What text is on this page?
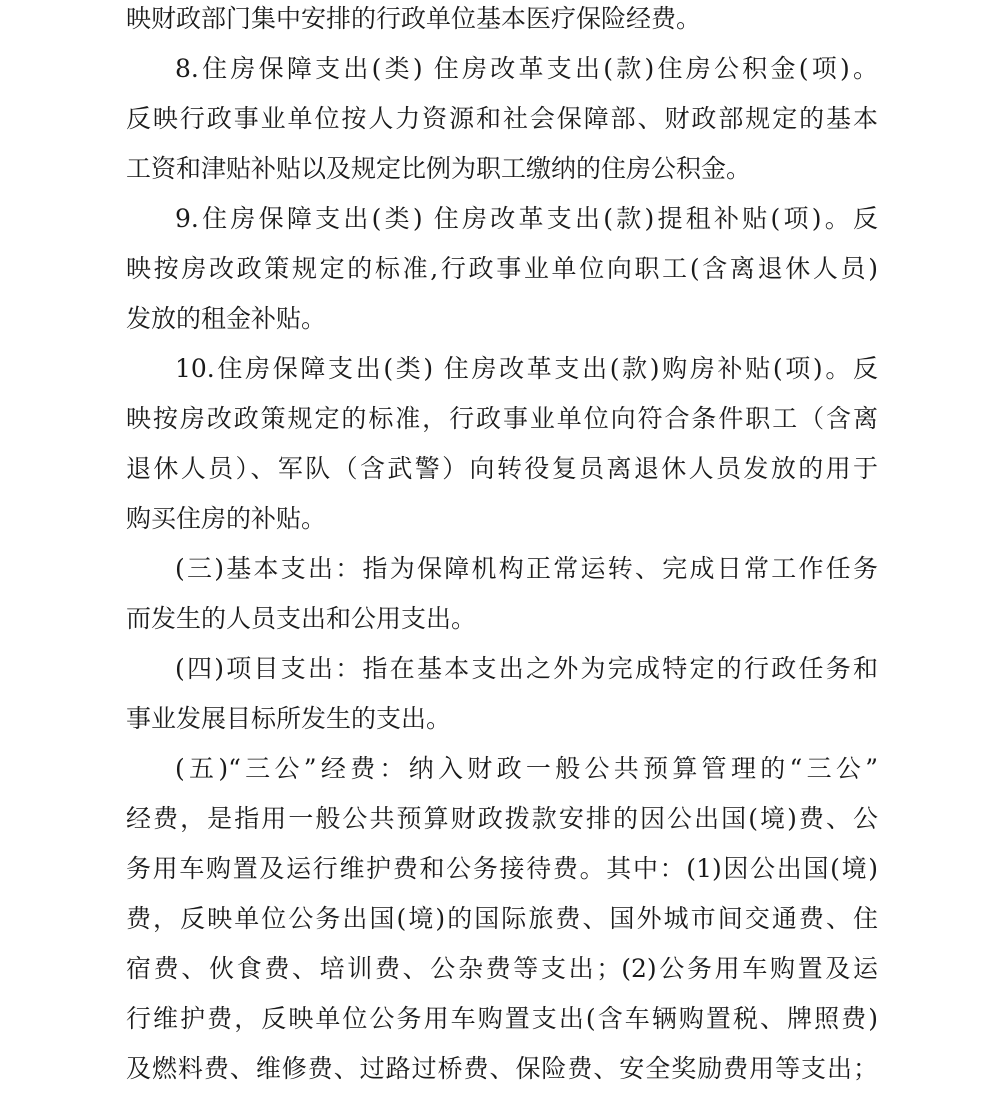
映财政部门集中安排的行政单位基本医疗保险经费。
8.住房保障支出(类) 住房改革支出(款)住房公积金(项)。
反映行政事业单位按人力资源和社会保障部、财政部规定的基本
工资和津贴补贴以及规定比例为职工缴纳的住房公积金。
9.住房保障支出(类) 住房改革支出(款)提租补贴(项)。反
映按房改政策规定的标准,行政事业单位向职工(含离退休人员)
发放的租金补贴。
10.住房保障支出(类) 住房改革支出(款)购房补贴(项)。反
映按房改政策规定的标准，行政事业单位向符合条件职工（含离
退休人员）、军队（含武警）向转役复员离退休人员发放的用于
购买住房的补贴。
(三)基本支出：指为保障机构正常运转、完成日常工作任务
而发生的人员支出和公用支出。
(四)项目支出：指在基本支出之外为完成特定的行政任务和
事业发展目标所发生的支出。
(五)“三公”经费：纳入财政一般公共预算管理的“三公”
经费，是指用一般公共预算财政拨款安排的因公出国(境)费、公
务用车购置及运行维护费和公务接待费。其中：(1)因公出国(境)
费，反映单位公务出国(境)的国际旅费、国外城市间交通费、住
宿费、伙食费、培训费、公杂费等支出；(2)公务用车购置及运
行维护费，反映单位公务用车购置支出(含车辆购置税、牌照费)
及燃料费、维修费、过路过桥费、保险费、安全奖励费用等支出；
